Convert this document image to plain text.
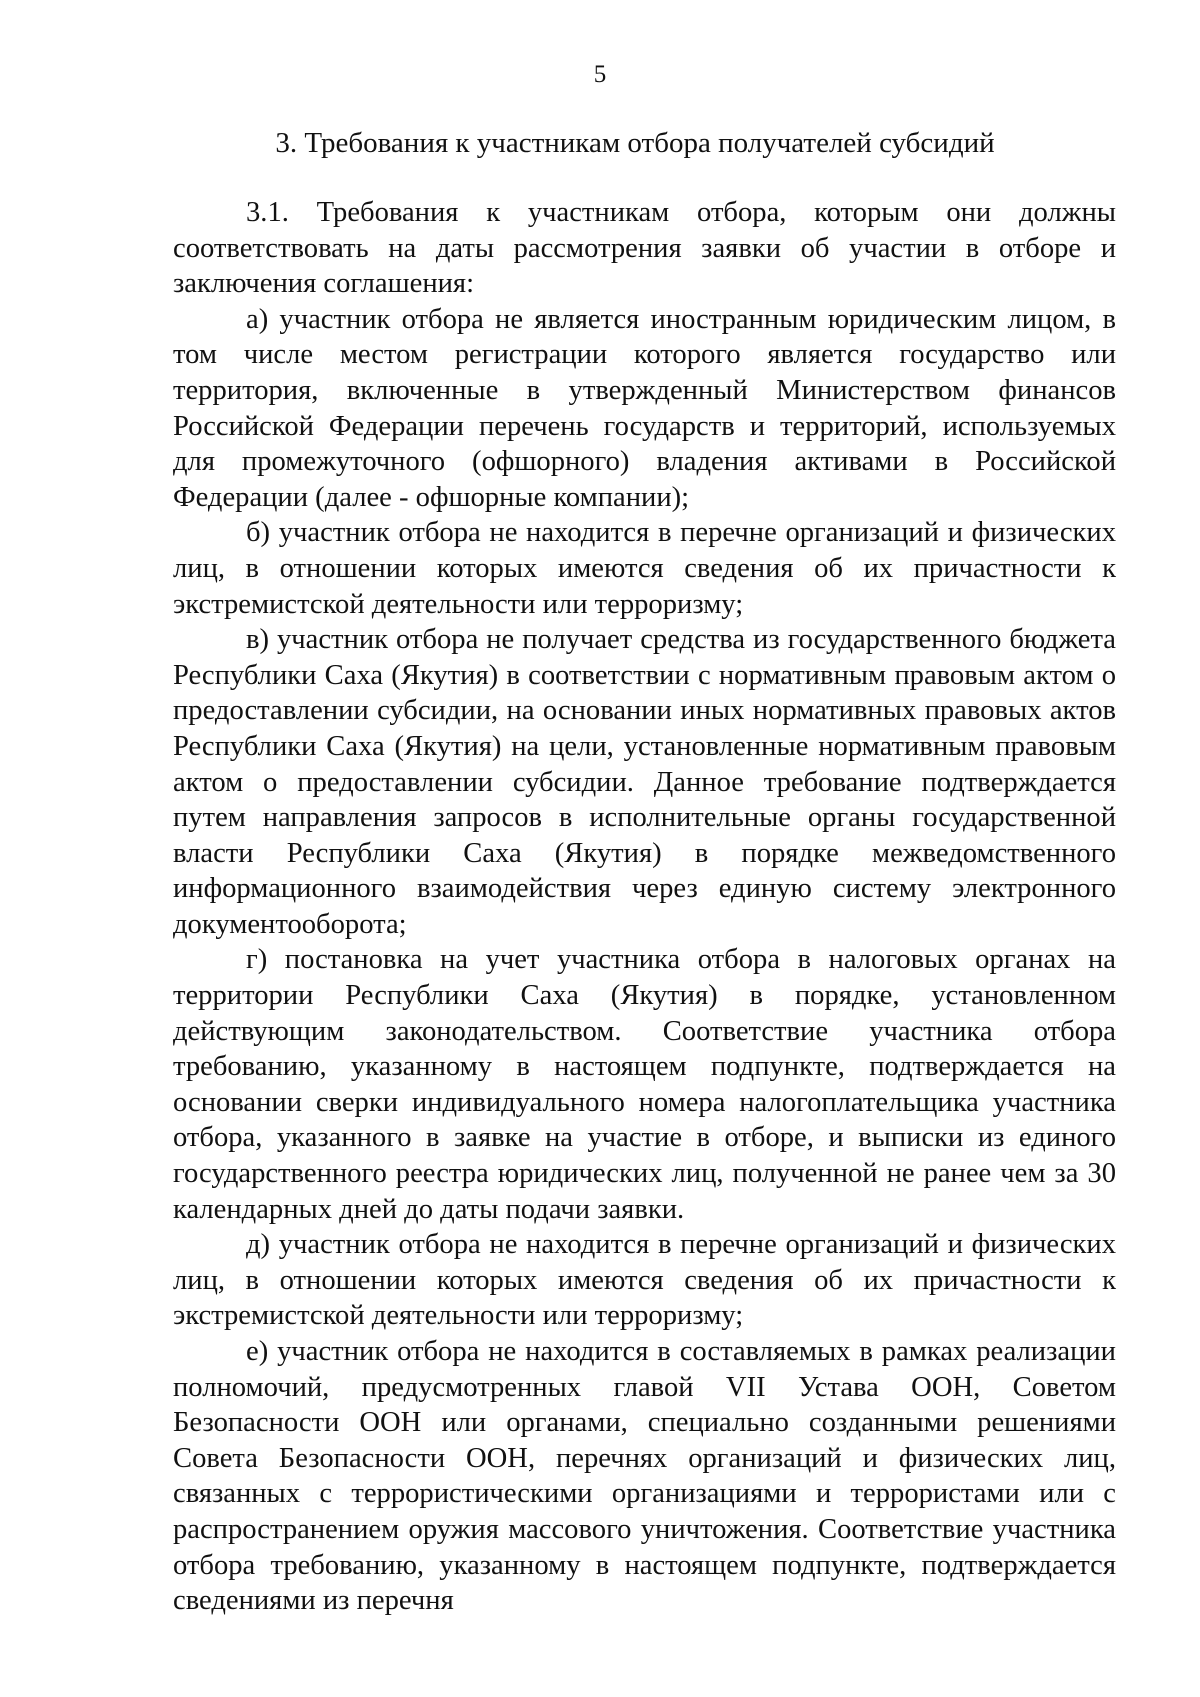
5
3. Требования к участникам отбора получателей субсидий

3.1. Требования к участникам отбора, которым они должны соответствовать на даты рассмотрения заявки об участии в отборе и заключения соглашения:

а) участник отбора не является иностранным юридическим лицом, в том числе местом регистрации которого является государство или территория, включенные в утвержденный Министерством финансов Российской Федерации перечень государств и территорий, используемых для промежуточного (офшорного) владения активами в Российской Федерации (далее - офшорные компании);

б) участник отбора не находится в перечне организаций и физических лиц, в отношении которых имеются сведения об их причастности к экстремистской деятельности или терроризму;

в) участник отбора не получает средства из государственного бюджета Республики Саха (Якутия) в соответствии с нормативным правовым актом о предоставлении субсидии, на основании иных нормативных правовых актов Республики Саха (Якутия) на цели, установленные нормативным правовым актом о предоставлении субсидии. Данное требование подтверждается путем направления запросов в исполнительные органы государственной власти Республики Саха (Якутия) в порядке межведомственного информационного взаимодействия через единую систему электронного документооборота;

г) постановка на учет участника отбора в налоговых органах на территории Республики Саха (Якутия) в порядке, установленном действующим законодательством. Соответствие участника отбора требованию, указанному в настоящем подпункте, подтверждается на основании сверки индивидуального номера налогоплательщика участника отбора, указанного в заявке на участие в отборе, и выписки из единого государственного реестра юридических лиц, полученной не ранее чем за 30 календарных дней до даты подачи заявки.

д) участник отбора не находится в перечне организаций и физических лиц, в отношении которых имеются сведения об их причастности к экстремистской деятельности или терроризму;

е) участник отбора не находится в составляемых в рамках реализации полномочий, предусмотренных главой VII Устава ООН, Советом Безопасности ООН или органами, специально созданными решениями Совета Безопасности ООН, перечнях организаций и физических лиц, связанных с террористическими организациями и террористами или с распространением оружия массового уничтожения. Соответствие участника отбора требованию, указанному в настоящем подпункте, подтверждается сведениями из перечня
